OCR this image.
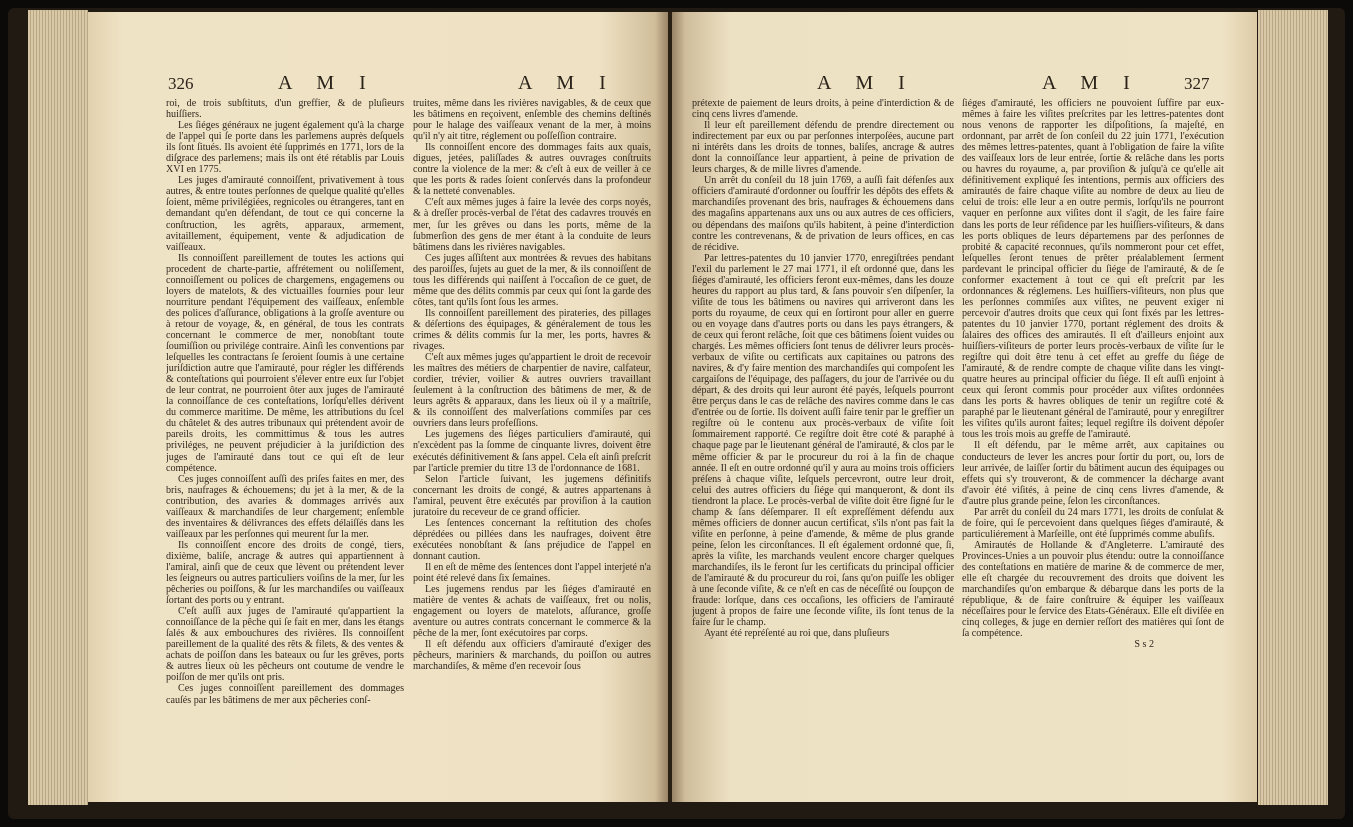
326	A M I	A M I

roi, de trois subſtituts, d'un greffier, & de pluſieurs huiſſiers.

Les ſiéges généraux ne jugent également qu'à la charge de l'appel qui ſe porte dans les parlemens auprès deſquels ils ſont ſitués. Ils avoient été ſupprimés en 1771, lors de la diſgrace des parlemens; mais ils ont été rétablis par Louis XVI en 1775.

Les juges d'amirauté connoiſſent, privativement à tous autres, & entre toutes perſonnes de quelque qualité qu'elles ſoient, même privilégiées, regnicoles ou étrangeres, tant en demandant qu'en défendant, de tout ce qui concerne la conſtruction, les agrêts, apparaux, armement, avitaillement, équipement, vente & adjudication de vaiſſeaux.

Ils connoiſſent pareillement de toutes les actions qui procedent de charte-partie, affrétement ou noliſſement, connoiſſement ou polices de chargemens, engagemens ou loyers de matelots, & des victuailles fournies pour leur nourriture pendant l'équipement des vaiſſeaux, enſemble des polices d'aſſurance, obligations à la groſſe aventure ou à retour de voyage, &, en général, de tous les contrats concernant le commerce de mer, nonobſtant toute ſoumiſſion ou privilége contraire. Ainſi les conventions par leſquelles les contractans ſe ſeroient ſoumis à une certaine juriſdiction autre que l'amirauté, pour régler les différends & conteſtations qui pourroient s'élever entre eux ſur l'objet de leur contrat, ne pourroient ôter aux juges de l'amirauté la connoiſſance de ces conteſtations, lorſqu'elles dérivent du commerce maritime. De même, les attributions du ſcel du châtelet & des autres tribunaux qui prétendent avoir de pareils droits, les committimus & tous les autres priviléges, ne peuvent préjudicier à la juriſdiction des juges de l'amirauté dans tout ce qui eſt de leur compétence.

Ces juges connoiſſent auſſi des priſes faites en mer, des bris, naufrages & échouemens; du jet à la mer, & de la contribution, des avaries & dommages arrivés aux vaiſſeaux & marchandiſes de leur chargement; enſemble des inventaires & délivrances des effets délaiſſés dans les vaiſſeaux par les perſonnes qui meurent ſur la mer.

Ils connoiſſent encore des droits de congé, tiers, dixième, baliſe, ancrage & autres qui appartiennent à l'amiral, ainſi que de ceux que lèvent ou prétendent lever les ſeigneurs ou autres particuliers voiſins de la mer, ſur les pêcheries ou poiſſons, & ſur les marchandiſes ou vaiſſeaux ſortant des ports ou y entrant.

C'eſt auſſi aux juges de l'amirauté qu'appartient la connoiſſance de la pêche qui ſe fait en mer, dans les étangs ſalés & aux embouchures des rivières. Ils connoiſſent pareillement de la qualité des rêts & filets, & des ventes & achats de poiſſon dans les bateaux ou ſur les grêves, ports & autres lieux où les pêcheurs ont coutume de vendre le poiſſon de mer qu'ils ont pris.

Ces juges connoiſſent pareillement des dommages cauſés par les bâtimens de mer aux pêcheries conſ-

truites, même dans les rivières navigables, & de ceux que les bâtimens en reçoivent, enſemble des chemins deſtinés pour le halage des vaiſſeaux venant de la mer, à moins qu'il n'y ait titre, réglement ou poſſeſſion contraire.

Ils connoiſſent encore des dommages faits aux quais, digues, jetées, paliſſades & autres ouvrages conſtruits contre la violence de la mer: & c'eſt à eux de veiller à ce que les ports & rades ſoient conſervés dans la profondeur & la netteté convenables.

C'eſt aux mêmes juges à faire la levée des corps noyés, & à dreſſer procès-verbal de l'état des cadavres trouvés en mer, ſur les grêves ou dans les ports, même de la ſubmerſion des gens de mer étant à la conduite de leurs bâtimens dans les rivières navigables.

Ces juges aſſiſtent aux montrées & revues des habitans des paroiſſes, ſujets au guet de la mer, & ils connoiſſent de tous les différends qui naiſſent à l'occaſion de ce guet, de même que des délits commis par ceux qui ſont la garde des côtes, tant qu'ils ſont ſous les armes.

Ils connoiſſent pareillement des pirateries, des pillages & déſertions des équipages, & généralement de tous les crimes & délits commis ſur la mer, les ports, havres & rivages.

C'eſt aux mêmes juges qu'appartient le droit de recevoir les maîtres des métiers de charpentier de navire, calfateur, cordier, trévier, voilier & autres ouvriers travaillant ſeulement à la conſtruction des bâtimens de mer, & de leurs agrêts & apparaux, dans les lieux où il y a maîtriſe, & ils connoiſſent des malverſations commiſes par ces ouvriers dans leurs profeſſions.

Les jugemens des ſiéges particuliers d'amirauté, qui n'excèdent pas la ſomme de cinquante livres, doivent être exécutés définitivement & ſans appel. Cela eſt ainſi preſcrit par l'article premier du titre 13 de l'ordonnance de 1681.

Selon l'article ſuivant, les jugemens définitifs concernant les droits de congé, & autres appartenans à l'amiral, peuvent être exécutés par proviſion à la caution juratoire du receveur de ce grand officier.

Les ſentences concernant la reſtitution des choſes déprédées ou pillées dans les naufrages, doivent être exécutées nonobſtant & ſans préjudice de l'appel en donnant caution.

Il en eſt de même des ſentences dont l'appel interjeté n'a point été relevé dans ſix ſemaines.

Les jugemens rendus par les ſiéges d'amirauté en matière de ventes & achats de vaiſſeaux, fret ou nolis, engagement ou loyers de matelots, aſſurance, groſſe aventure ou autres contrats concernant le commerce & la pêche de la mer, ſont exécutoires par corps.

Il eſt défendu aux officiers d'amirauté d'exiger des pêcheurs, mariniers & marchands, du poiſſon ou autres marchandiſes, & même d'en recevoir ſous

A M I	A M I	327

prétexte de paiement de leurs droits, à peine d'interdiction & de cinq cens livres d'amende.

Il leur eſt pareillement défendu de prendre directement ou indirectement par eux ou par perſonnes interpoſées, aucune part ni intérêts dans les droits de tonnes, baliſes, ancrage & autres dont la connoiſſance leur appartient, à peine de privation de leurs charges, & de mille livres d'amende.

Un arrêt du conſeil du 18 juin 1769, a auſſi fait défenſes aux officiers d'amirauté d'ordonner ou ſouffrir les dépôts des effets & marchandiſes provenant des bris, naufrages & échouemens dans des magaſins appartenans aux uns ou aux autres de ces officiers, ou dépendans des maiſons qu'ils habitent, à peine d'interdiction contre les contrevenans, & de privation de leurs offices, en cas de récidive.

Par lettres-patentes du 10 janvier 1770, enregiſtrées pendant l'exil du parlement le 27 mai 1771, il eſt ordonné que, dans les ſiéges d'amirauté, les officiers feront eux-mêmes, dans les douze heures du rapport au plus tard, & ſans pouvoir s'en diſpenſer, la viſite de tous les bâtimens ou navires qui arriveront dans les ports du royaume, de ceux qui en ſortiront pour aller en guerre ou en voyage dans d'autres ports ou dans les pays étrangers, & de ceux qui feront relâche, ſoit que ces bâtimens ſoient vuides ou chargés. Les mêmes officiers ſont tenus de délivrer leurs procès-verbaux de viſite ou certificats aux capitaines ou patrons des navires, & d'y faire mention des marchandiſes qui compoſent les cargaiſons de l'équipage, des paſſagers, du jour de l'arrivée ou du départ, & des droits qui leur auront été payés, leſquels pourront être perçus dans le cas de relâche des navires comme dans le cas d'entrée ou de ſortie. Ils doivent auſſi faire tenir par le greffier un regiſtre où le contenu aux procès-verbaux de viſite ſoit ſommairement rapporté. Ce regiſtre doit être coté & paraphé à chaque page par le lieutenant général de l'amirauté, & clos par le même officier & par le procureur du roi à la fin de chaque année. Il eſt en outre ordonné qu'il y aura au moins trois officiers préſens à chaque viſite, leſquels percevront, outre leur droit, celui des autres officiers du ſiége qui manqueront, & dont ils tiendront la place. Le procès-verbal de viſite doit être ſigné ſur le champ & ſans déſemparer. Il eſt expreſſément défendu aux mêmes officiers de donner aucun certificat, s'ils n'ont pas fait la viſite en perſonne, à peine d'amende, & même de plus grande peine, ſelon les circonſtances. Il eſt également ordonné que, ſi, après la viſite, les marchands veulent encore charger quelques marchandiſes, ils le feront ſur les certificats du principal officier de l'amirauté & du procureur du roi, ſans qu'on puiſſe les obliger à une ſeconde viſite, & ce n'eſt en cas de néceſſité ou ſoupçon de fraude: lorſque, dans ces occaſions, les officiers de l'amirauté jugent à propos de faire une ſeconde viſite, ils ſont tenus de la faire ſur le champ.

Ayant été repréſenté au roi que, dans pluſieurs

ſiéges d'amirauté, les officiers ne pouvoient ſuffire par eux-mêmes à faire les viſites preſcrites par les lettres-patentes dont nous venons de rapporter les diſpoſitions, ſa majeſté, en ordonnant, par arrêt de ſon conſeil du 22 juin 1771, l'exécution des mêmes lettres-patentes, quant à l'obligation de faire la viſite des vaiſſeaux lors de leur entrée, ſortie & relâche dans les ports ou havres du royaume, a, par proviſion & juſqu'à ce qu'elle ait définitivement expliqué ſes intentions, permis aux officiers des amirautés de faire chaque viſite au nombre de deux au lieu de celui de trois: elle leur a en outre permis, lorſqu'ils ne pourront vaquer en perſonne aux viſites dont il s'agit, de les faire faire dans les ports de leur réſidence par les huiſſiers-viſiteurs, & dans les ports obliques de leurs départemens par des perſonnes de probité & capacité reconnues, qu'ils nommeront pour cet effet, leſquelles ſeront tenues de prêter préalablement ſerment pardevant le principal officier du ſiége de l'amirauté, & de ſe conformer exactement à tout ce qui eſt preſcrit par les ordonnances & réglemens. Les huiſſiers-viſiteurs, non plus que les perſonnes commiſes aux viſites, ne peuvent exiger ni percevoir d'autres droits que ceux qui ſont fixés par les lettres-patentes du 10 janvier 1770, portant réglement des droits & ſalaires des offices des amirautés. Il eſt d'ailleurs enjoint aux huiſſiers-viſiteurs de porter leurs procès-verbaux de viſite ſur le regiſtre qui doit être tenu à cet effet au greffe du ſiége de l'amirauté, & de rendre compte de chaque viſite dans les vingt-quatre heures au principal officier du ſiége. Il eſt auſſi enjoint à ceux qui ſeront commis pour procéder aux viſites ordonnées dans les ports & havres obliques de tenir un regiſtre coté & paraphé par le lieutenant général de l'amirauté, pour y enregiſtrer les viſites qu'ils auront faites; lequel regiſtre ils doivent dépoſer tous les trois mois au greffe de l'amirauté.

Il eſt défendu, par le même arrêt, aux capitaines ou conducteurs de lever les ancres pour ſortir du port, ou, lors de leur arrivée, de laiſſer ſortir du bâtiment aucun des équipages ou effets qui s'y trouveront, & de commencer la décharge avant d'avoir été viſités, à peine de cinq cens livres d'amende, & d'autre plus grande peine, ſelon les circonſtances.

Par arrêt du conſeil du 24 mars 1771, les droits de conſulat & de foire, qui ſe percevoient dans quelques ſiéges d'amirauté, & particuliérement à Marſeille, ont été ſupprimés comme abuſifs.

Amirautés de Hollande & d'Angleterre. L'amirauté des Provinces-Unies a un pouvoir plus étendu: outre la connoiſſance des conteſtations en matière de marine & de commerce de mer, elle eſt chargée du recouvrement des droits que doivent les marchandiſes qu'on embarque & débarque dans les ports de la république, & de faire conſtruire & équiper les vaiſſeaux néceſſaires pour le ſervice des Etats-Généraux. Elle eſt diviſée en cinq colleges, & juge en dernier reſſort des matières qui ſont de ſa compétence.

S s 2
